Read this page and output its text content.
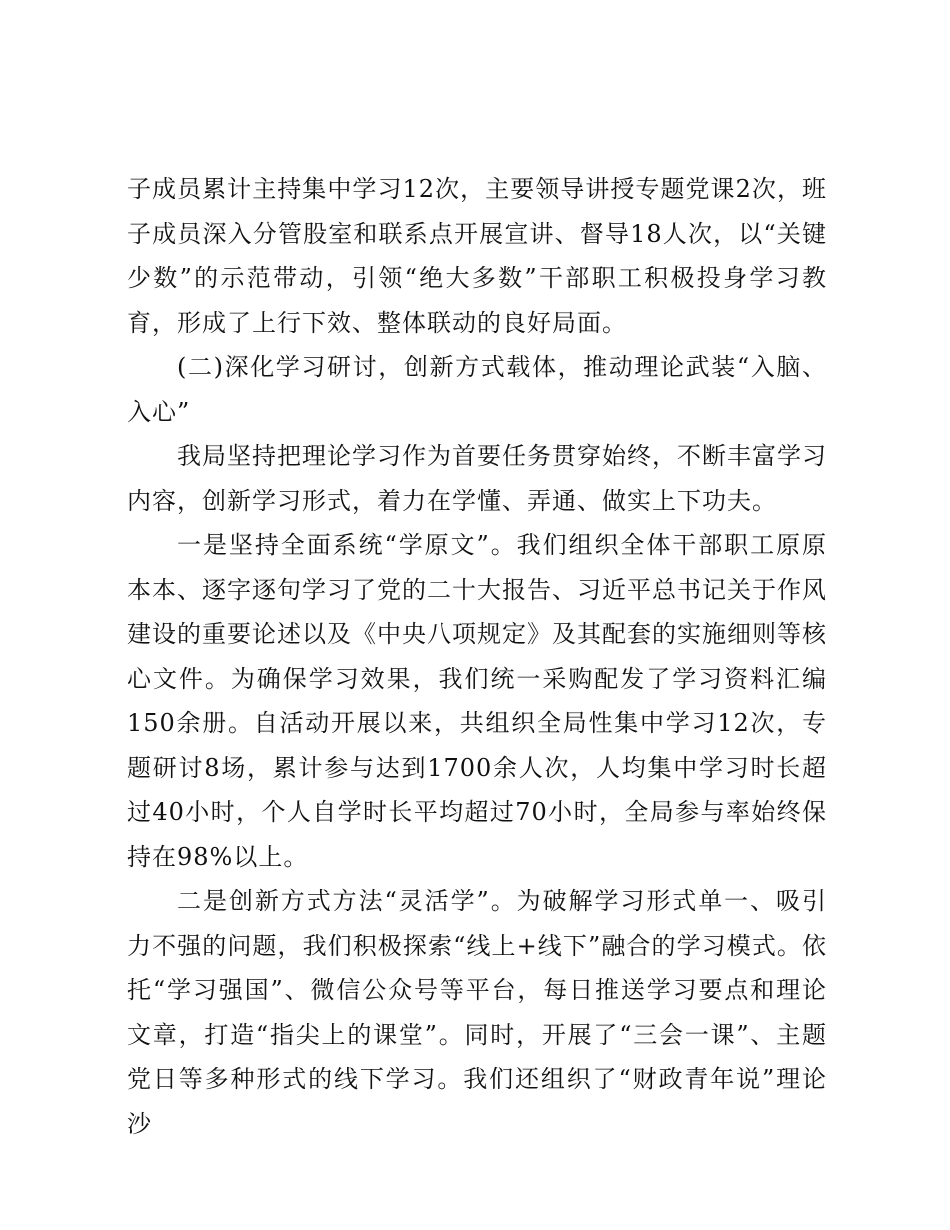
子成员累计主持集中学习12次，主要领导讲授专题党课2次，班子成员深入分管股室和联系点开展宣讲、督导18人次，以“关键少数”的示范带动，引领“绝大多数”干部职工积极投身学习教育，形成了上行下效、整体联动的良好局面。

(二)深化学习研讨，创新方式载体，推动理论武装“入脑、入心”

我局坚持把理论学习作为首要任务贯穿始终，不断丰富学习内容，创新学习形式，着力在学懂、弄通、做实上下功夫。

一是坚持全面系统“学原文”。我们组织全体干部职工原原本本、逐字逐句学习了党的二十大报告、习近平总书记关于作风建设的重要论述以及《中央八项规定》及其配套的实施细则等核心文件。为确保学习效果，我们统一采购配发了学习资料汇编150余册。自活动开展以来，共组织全局性集中学习12次，专题研讨8场，累计参与达到1700余人次，人均集中学习时长超过40小时，个人自学时长平均超过70小时，全局参与率始终保持在98%以上。

二是创新方式方法“灵活学”。为破解学习形式单一、吸引力不强的问题，我们积极探索“线上+线下”融合的学习模式。依托“学习强国”、微信公众号等平台，每日推送学习要点和理论文章，打造“指尖上的课堂”。同时，开展了“三会一课”、主题党日等多种形式的线下学习。我们还组织了“财政青年说”理论沙
